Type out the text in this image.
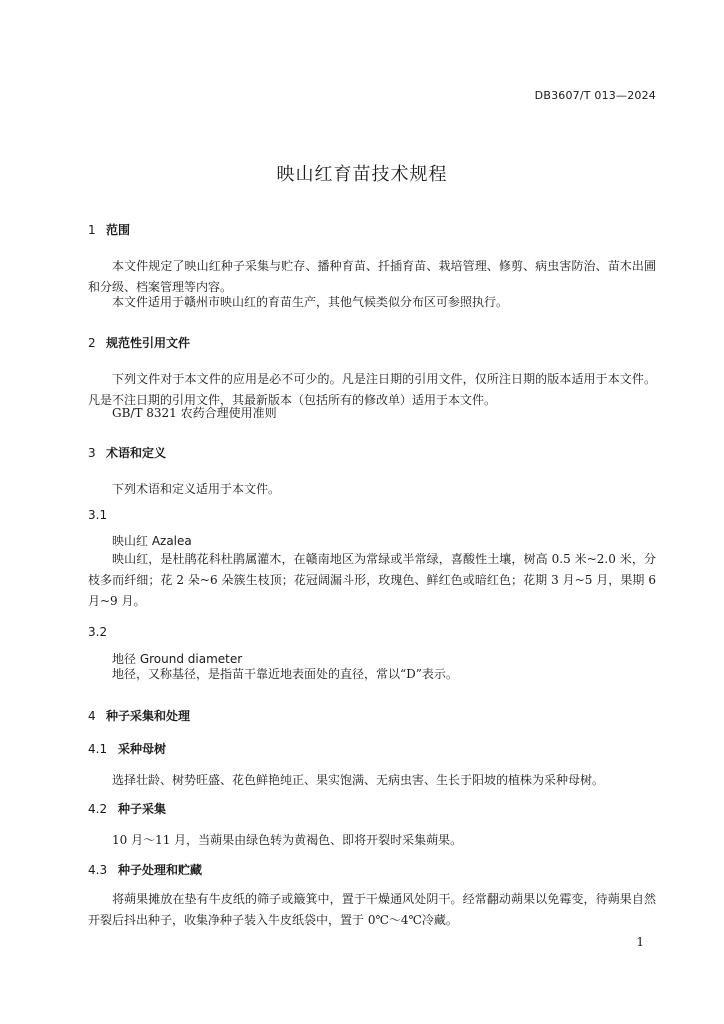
DB3607/T 013—2024
映山红育苗技术规程
1 范围
本文件规定了映山红种子采集与贮存、播种育苗、扦插育苗、栽培管理、修剪、病虫害防治、苗木出圃和分级、档案管理等内容。
本文件适用于赣州市映山红的育苗生产，其他气候类似分布区可参照执行。
2 规范性引用文件
下列文件对于本文件的应用是必不可少的。凡是注日期的引用文件，仅所注日期的版本适用于本文件。凡是不注日期的引用文件，其最新版本（包括所有的修改单）适用于本文件。
GB/T 8321 农药合理使用准则
3 术语和定义
下列术语和定义适用于本文件。
3.1
映山红 Azalea
映山红，是杜鹃花科杜鹃属灌木，在赣南地区为常绿或半常绿，喜酸性土壤，树高 0.5 米~2.0 米，分枝多而纤细；花 2 朵~6 朵簇生枝顶；花冠阔漏斗形，玫瑰色、鲜红色或暗红色；花期 3 月~5 月，果期 6 月~9 月。
3.2
地径 Ground diameter
地径，又称基径，是指苗干靠近地表面处的直径，常以“D”表示。
4 种子采集和处理
4.1 采种母树
选择壮龄、树势旺盛、花色鲜艳纯正、果实饱满、无病虫害、生长于阳坡的植株为采种母树。
4.2 种子采集
10 月～11 月，当蒴果由绿色转为黄褐色、即将开裂时采集蒴果。
4.3 种子处理和贮藏
将蒴果摊放在垫有牛皮纸的筛子或簸箕中，置于干燥通风处阴干。经常翻动蒴果以免霉变，待蒴果自然开裂后抖出种子，收集净种子装入牛皮纸袋中，置于 0℃～4℃冷藏。
1
